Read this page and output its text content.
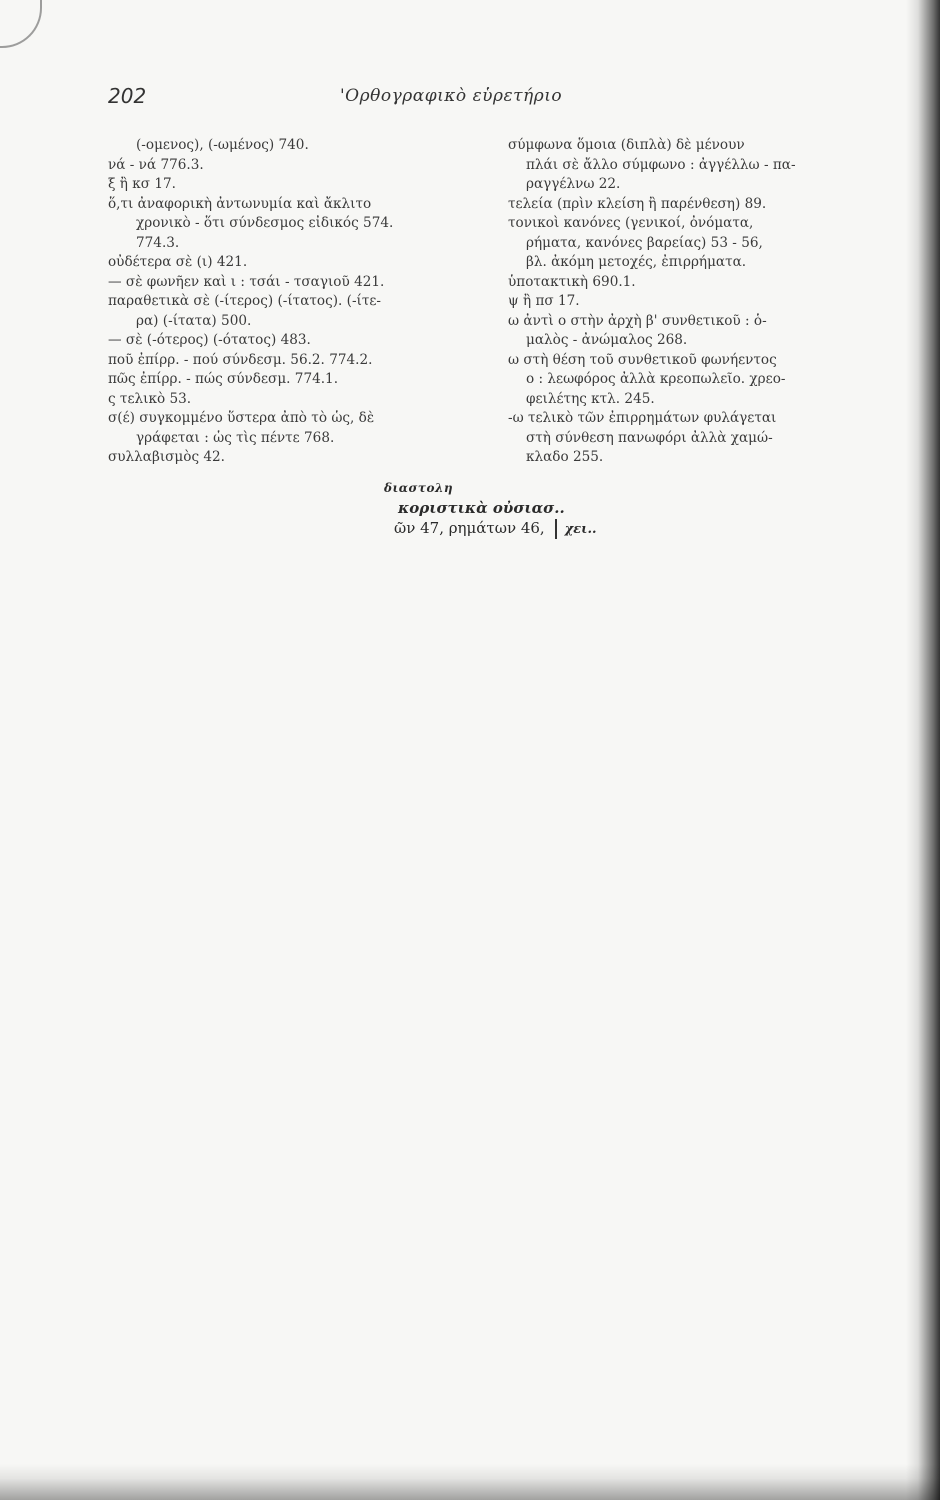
202	'Ορθογραφικὸ εὑρετήριο
(-ομενος), (-ωμένος) 740.
νά - νά 776.3.
ξ ἢ κσ 17.
ὅ,τι ἀναφορικὴ ἀντωνυμία καὶ ἄκλιτο
χρονικὸ - ὅτι σύνδεσμος εἰδικός 574.
774.3.
οὐδέτερα σὲ (ι) 421.
— σὲ φωνῆεν καὶ ι : τσάι - τσαγιοῦ 421.
παραθετικὰ σὲ (-ίτερος) (-ίτατος). (-ίτε-
ρα) (-ίτατα) 500.
— σὲ (-ότερος) (-ότατος) 483.
ποῦ ἐπίρρ. - πού σύνδεσμ. 56.2. 774.2.
πῶς ἐπίρρ. - πώς σύνδεσμ. 774.1.
ς τελικὸ 53.
σ(έ) συγκομμένο ὕστερα ἀπὸ τὸ ὡς, δὲ
γράφεται : ὡς τὶς πέντε 768.
συλλαβισμὸς 42.
σύμφωνα ὅμοια (διπλὰ) δὲ μένουν
πλάι σὲ ἄλλο σύμφωνο : ἀγγέλλω - πα-
ραγγέλνω 22.
τελεία (πρὶν κλείση ἢ παρένθεση) 89.
τονικοὶ κανόνες (γενικοί, ὀνόματα,
ρήματα, κανόνες βαρείας) 53 - 56,
βλ. ἀκόμη μετοχές, ἐπιρρήματα.
ὑποτακτικὴ 690.1.
ψ ἢ πσ 17.
ω ἀντὶ ο στὴν ἀρχὴ β' συνθετικοῦ : ὁ-
μαλὸς - ἀνώμαλος 268.
ω στὴ θέση τοῦ συνθετικοῦ φωνήεντος
ο : λεωφόρος ἀλλὰ κρεοπωλεῖο. χρεο-
φειλέτης κτλ. 245.
-ω τελικὸ τῶν ἐπιρρημάτων φυλάγεται
στὴ σύνθεση πανωφόρι ἀλλὰ χαμώ-
κλαδο 255.
διαστολη
κοριστικὰ οὐσιασ..
ῶν 47, ρημάτων 46, χει..
